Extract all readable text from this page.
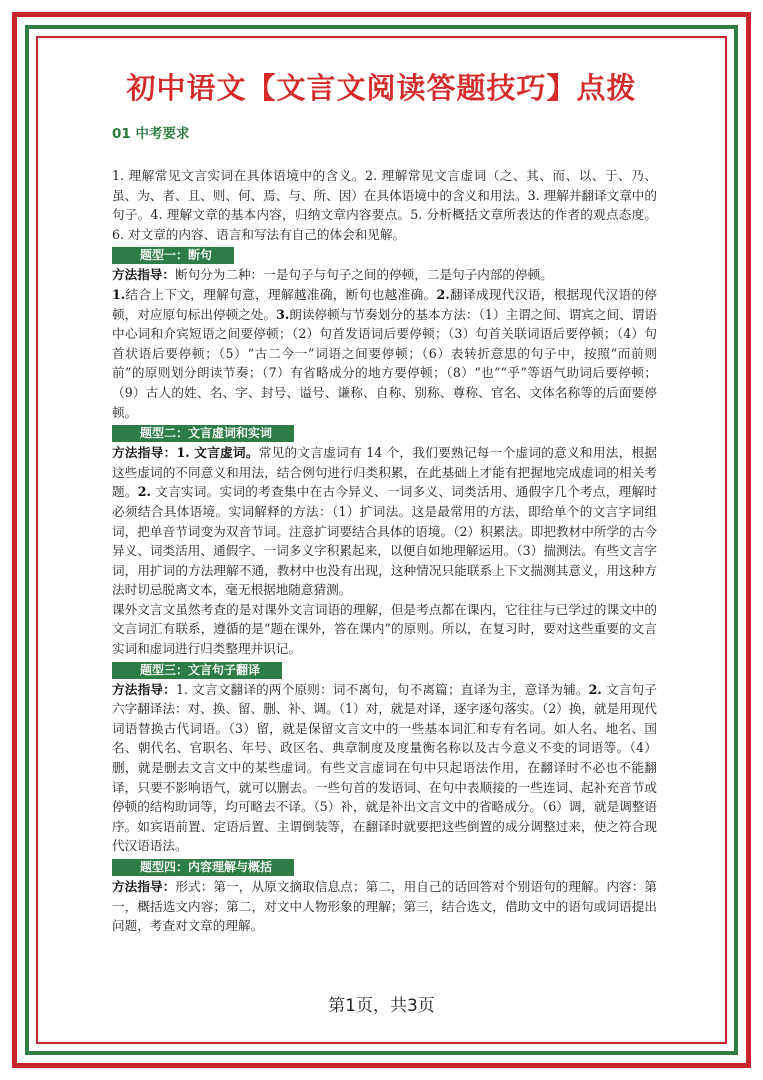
初中语文【文言文阅读答题技巧】点拨

01 中考要求

1. 理解常见文言实词在具体语境中的含义。2. 理解常见文言虚词（之、其、而、以、于、乃、虽、为、者、且、则、何、焉、与、所、因）在具体语境中的含义和用法。3. 理解并翻译文章中的句子。4. 理解文章的基本内容，归纳文章内容要点。5. 分析概括文章所表达的作者的观点态度。6. 对文章的内容、语言和写法有自己的体会和见解。

题型一：断句

方法指导：断句分为二种：一是句子与句子之间的停顿，二是句子内部的停顿。

1.结合上下文，理解句意，理解越准确，断句也越准确。2.翻译成现代汉语，根据现代汉语的停顿，对应原句标出停顿之处。3.朗读停顿与节奏划分的基本方法：（1）主谓之间、谓宾之间、谓语中心词和介宾短语之间要停顿；（2）句首发语词后要停顿；（3）句首关联词语后要停顿；（4）句首状语后要停顿；（5）“古二今一”词语之间要停顿；（6）表转折意思的句子中，按照“而前则前”的原则划分朗读节奏；（7）有省略成分的地方要停顿；（8）“也”“乎”等语气助词后要停顿；（9）古人的姓、名、字、封号、谥号、谦称、自称、别称、尊称、官名、文体名称等的后面要停顿。

题型二：文言虚词和实词

方法指导：1. 文言虚词。常见的文言虚词有 14 个，我们要熟记每一个虚词的意义和用法，根据这些虚词的不同意义和用法，结合例句进行归类积累，在此基础上才能有把握地完成虚词的相关考题。2. 文言实词。实词的考查集中在古今异义、一词多义、词类活用、通假字几个考点，理解时必须结合具体语境。实词解释的方法：（1）扩词法。这是最常用的方法，即给单个的文言字词组词，把单音节词变为双音节词。注意扩词要结合具体的语境。（2）积累法。即把教材中所学的古今异义、词类活用、通假字、一词多义字积累起来，以便自如地理解运用。（3）揣测法。有些文言字词，用扩词的方法理解不通，教材中也没有出现，这种情况只能联系上下文揣测其意义，用这种方法时切忌脱离文本，毫无根据地随意猜测。

课外文言文虽然考查的是对课外文言词语的理解，但是考点都在课内，它往往与已学过的课文中的文言词汇有联系，遵循的是“题在课外，答在课内”的原则。所以，在复习时，要对这些重要的文言实词和虚词进行归类整理并识记。

题型三：文言句子翻译

方法指导：1. 文言文翻译的两个原则：词不离句，句不离篇；直译为主，意译为辅。2. 文言句子六字翻译法：对、换、留、删、补、调。（1）对，就是对译，逐字逐句落实。（2）换，就是用现代词语替换古代词语。（3）留，就是保留文言文中的一些基本词汇和专有名词。如人名、地名、国名、朝代名、官职名、年号、政区名、典章制度及度量衡名称以及古今意义不变的词语等。（4）删，就是删去文言文中的某些虚词。有些文言虚词在句中只起语法作用，在翻译时不必也不能翻译，只要不影响语气，就可以删去。一些句首的发语词、在句中表顺接的一些连词、起补充音节或停顿的结构助词等，均可略去不译。（5）补，就是补出文言文中的省略成分。（6）调，就是调整语序。如宾语前置、定语后置、主谓倒装等，在翻译时就要把这些倒置的成分调整过来，使之符合现代汉语语法。

题型四：内容理解与概括

方法指导：形式：第一，从原文摘取信息点；第二，用自己的话回答对个别语句的理解。内容：第一，概括选文内容；第二，对文中人物形象的理解；第三，结合选文，借助文中的语句或词语提出问题，考查对文章的理解。

第1页，共3页
